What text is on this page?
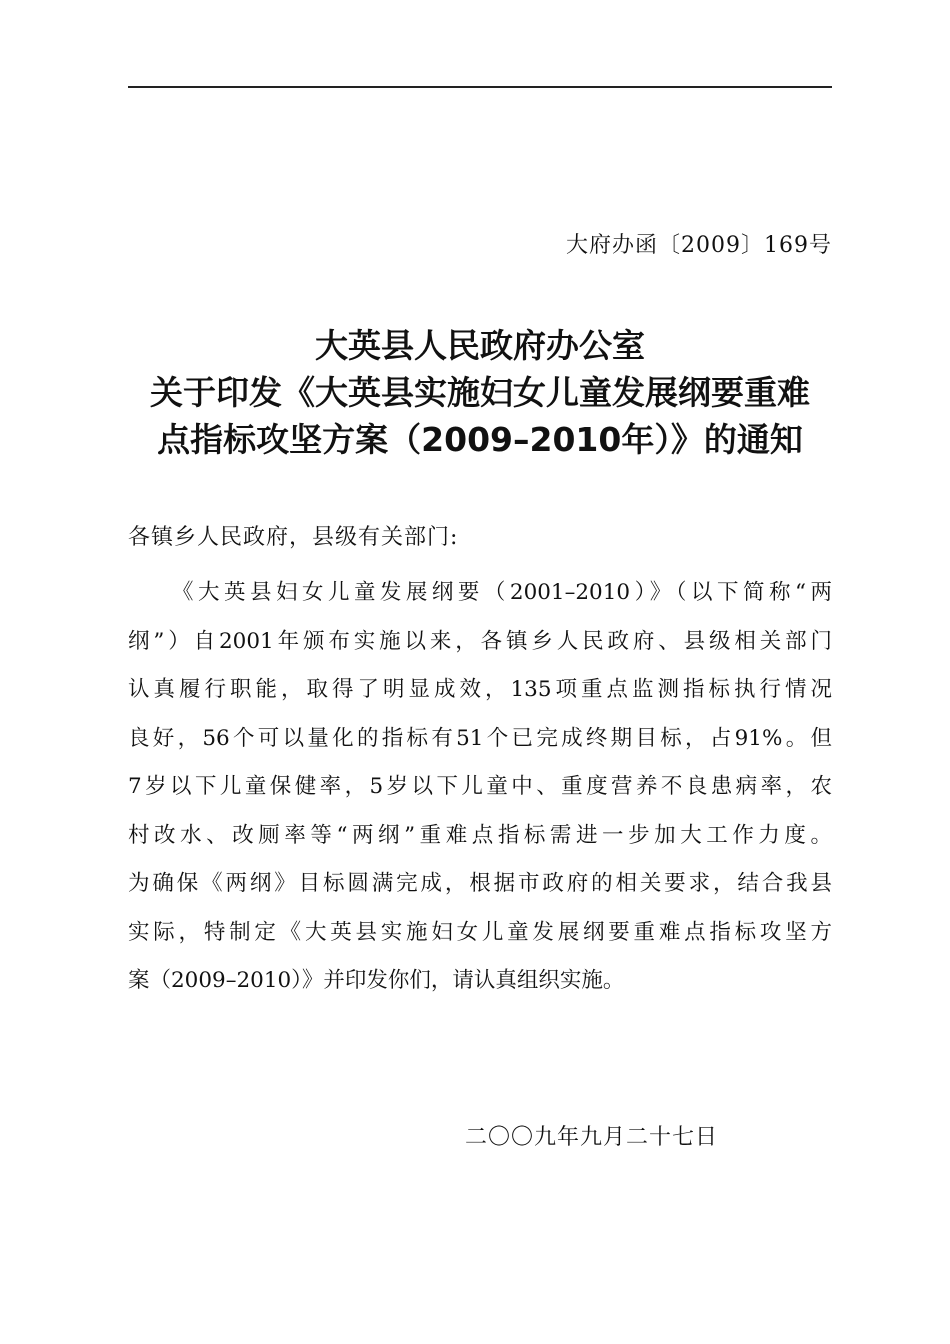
大府办函〔2009〕169号
大英县人民政府办公室
关于印发《大英县实施妇女儿童发展纲要重难
点指标攻坚方案（2009–2010年）》的通知
各镇乡人民政府，县级有关部门:
《大英县妇女儿童发展纲要（2001–2010）》（以下简称“两
纲”）自2001年颁布实施以来，各镇乡人民政府、县级相关部门
认真履行职能，取得了明显成效，135项重点监测指标执行情况
良好，56个可以量化的指标有51个已完成终期目标，占91%。但
7岁以下儿童保健率，5岁以下儿童中、重度营养不良患病率，农
村改水、改厕率等“两纲”重难点指标需进一步加大工作力度。
为确保《两纲》目标圆满完成，根据市政府的相关要求，结合我县
实际，特制定《大英县实施妇女儿童发展纲要重难点指标攻坚方
案（2009–2010）》并印发你们，请认真组织实施。
二〇〇九年九月二十七日
